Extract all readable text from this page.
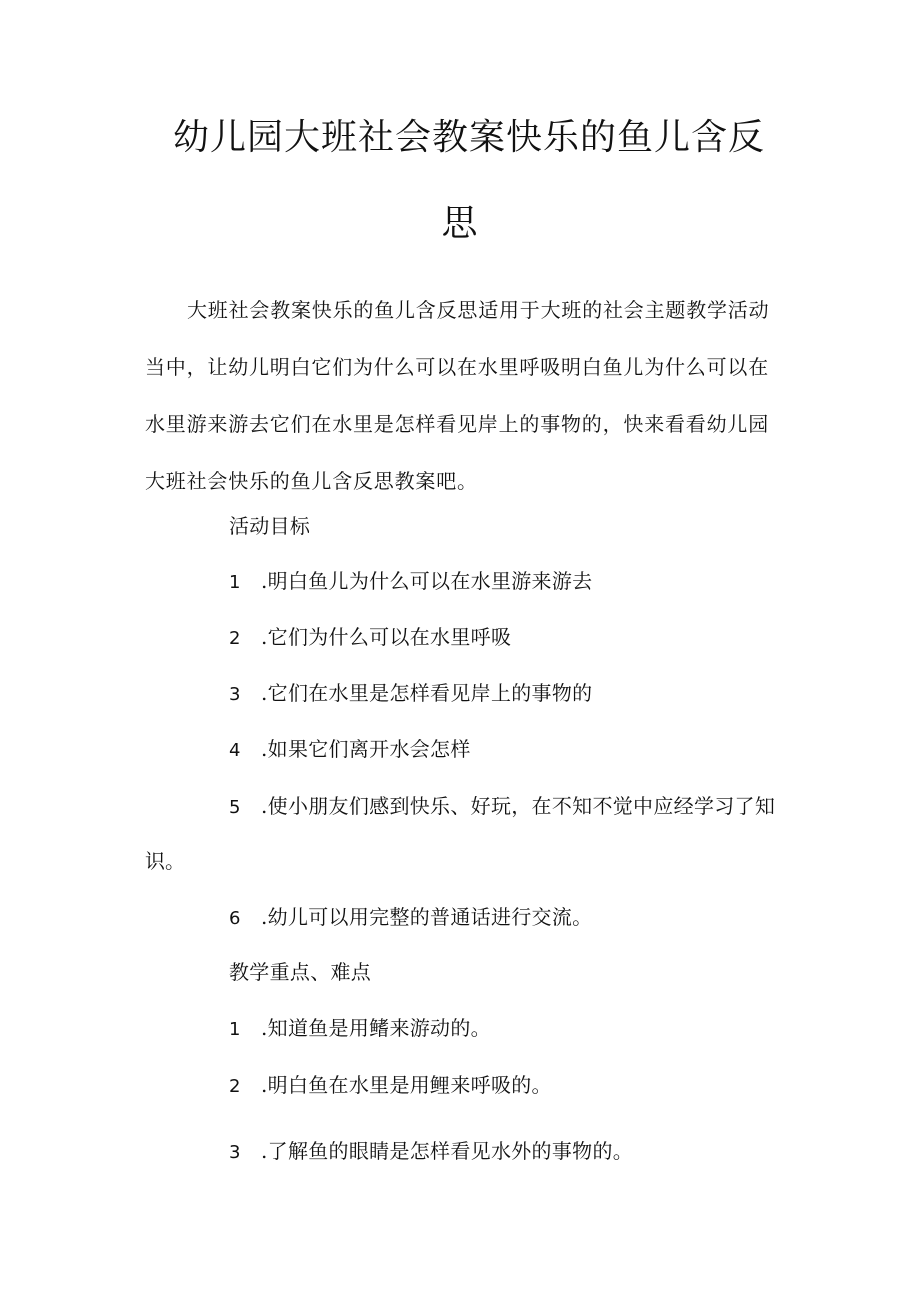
幼儿园大班社会教案快乐的鱼儿含反
思

大班社会教案快乐的鱼儿含反思适用于大班的社会主题教学活动当中，让幼儿明白它们为什么可以在水里呼吸明白鱼儿为什么可以在水里游来游去它们在水里是怎样看见岸上的事物的，快来看看幼儿园大班社会快乐的鱼儿含反思教案吧。

活动目标

1 .明白鱼儿为什么可以在水里游来游去

2 .它们为什么可以在水里呼吸

3 .它们在水里是怎样看见岸上的事物的

4 .如果它们离开水会怎样

5 .使小朋友们感到快乐、好玩，在不知不觉中应经学习了知

识。

6 .幼儿可以用完整的普通话进行交流。

教学重点、难点

1 .知道鱼是用鳍来游动的。

2 .明白鱼在水里是用鲤来呼吸的。

3 .了解鱼的眼睛是怎样看见水外的事物的。
